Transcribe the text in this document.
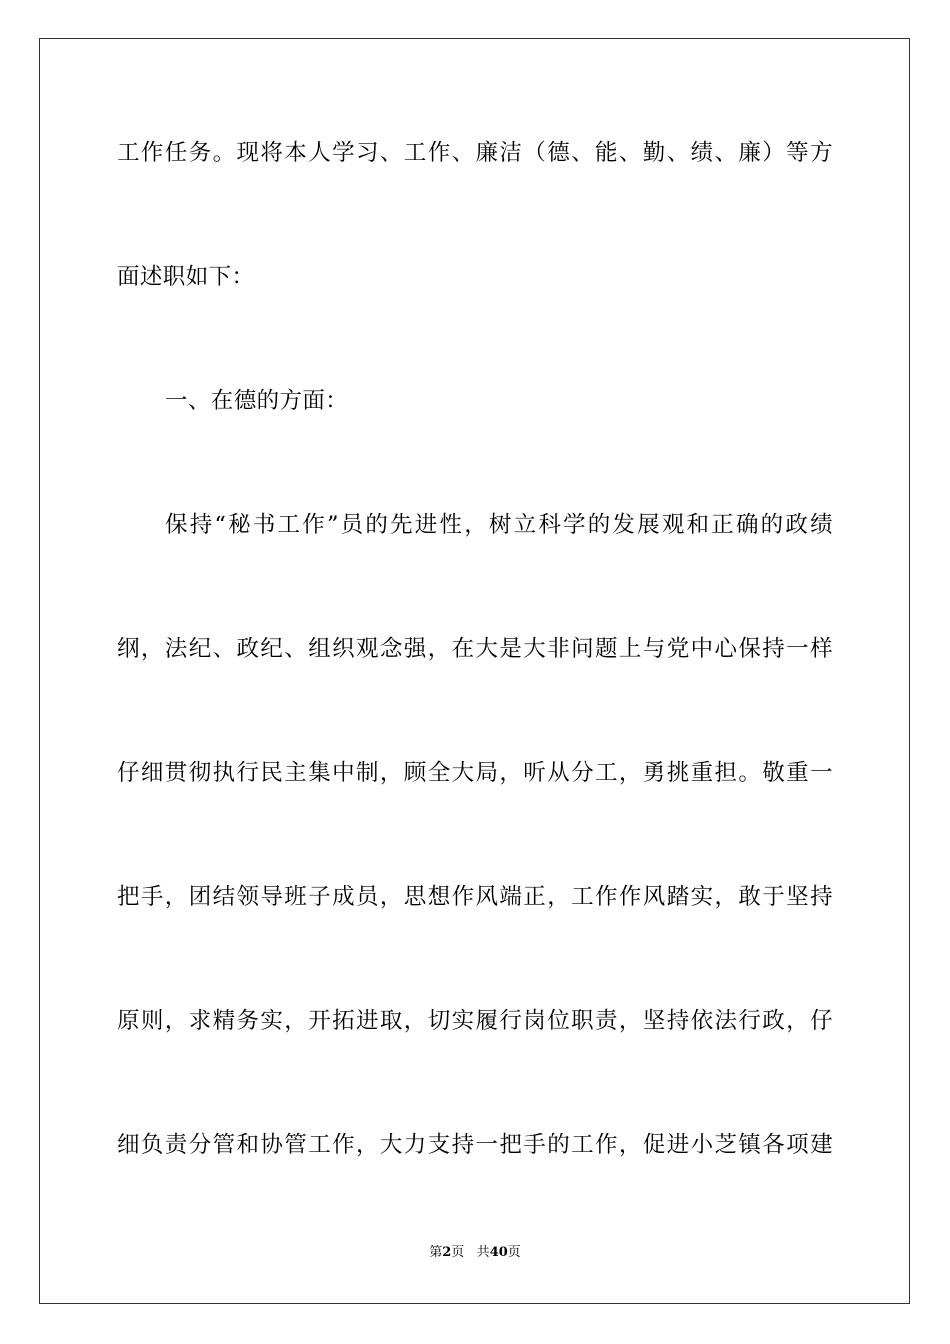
工作任务。现将本人学习、工作、廉洁（德、能、勤、绩、廉）等方
面述职如下：
一、在德的方面：
保持“秘书工作”员的先进性，树立科学的发展观和正确的政绩
纲，法纪、政纪、组织观念强，在大是大非问题上与党中心保持一样
仔细贯彻执行民主集中制，顾全大局，听从分工，勇挑重担。敬重一
把手，团结领导班子成员，思想作风端正，工作作风踏实，敢于坚持
原则，求精务实，开拓进取，切实履行岗位职责，坚持依法行政，仔
细负责分管和协管工作，大力支持一把手的工作，促进小芝镇各项建
第2页 共40页
